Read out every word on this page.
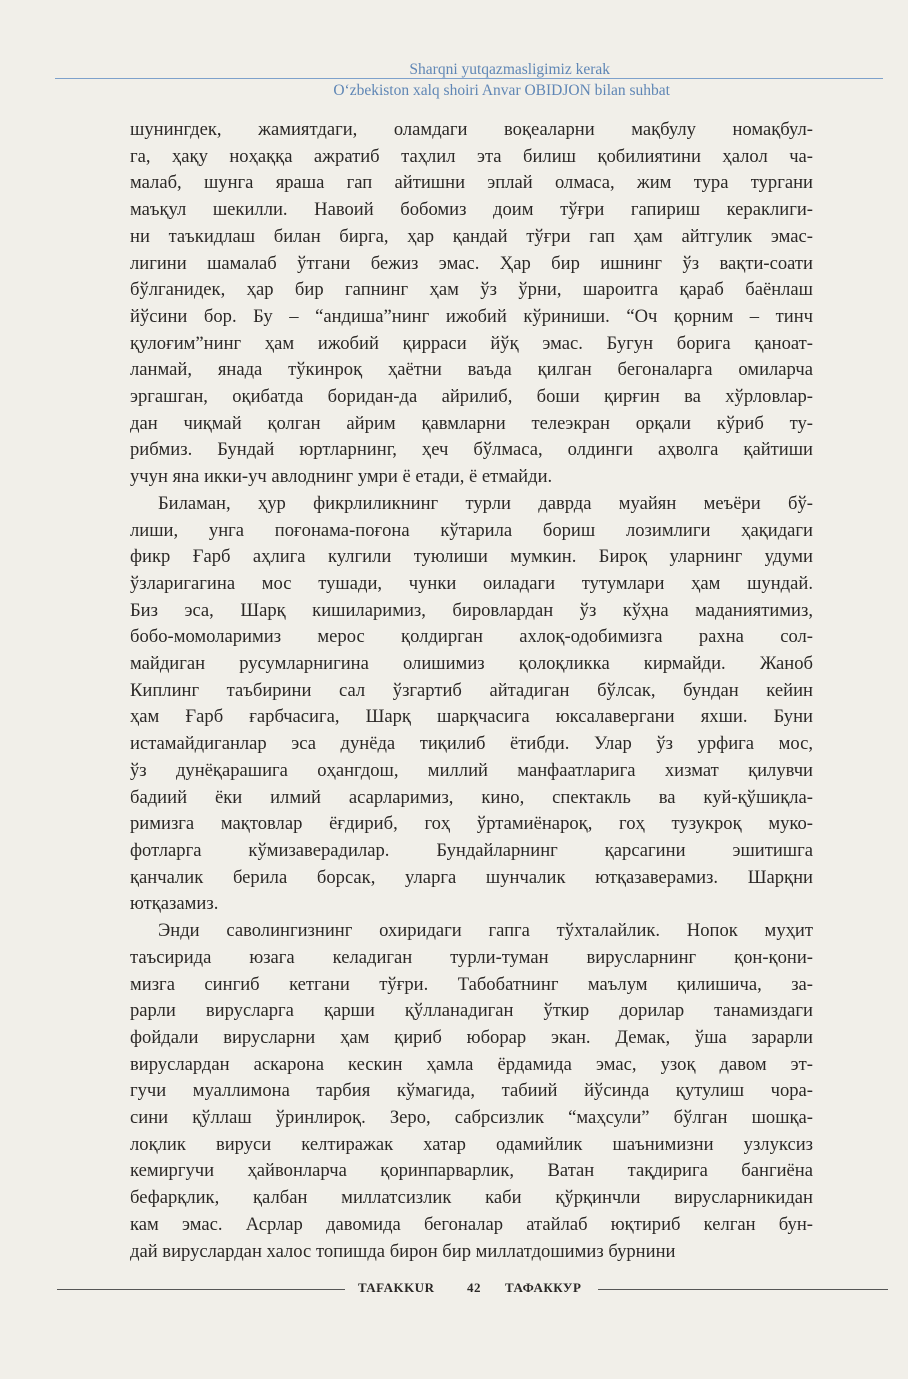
Sharqni yutqazmasligimiz kerak
O‘zbekiston xalq shoiri Anvar OBIDJON bilan suhbat
шунингдек, жамиятдаги, оламдаги воқеаларни мақбулу номақбул-
га, ҳақу ноҳаққа ажратиб таҳлил эта билиш қобилиятини ҳалол ча-
малаб, шунга яраша гап айтишни эплай олмаса, жим тура тургани
маъқул шекилли. Навоий бобомиз доим тўғри гапириш кераклиги-
ни таъкидлаш билан бирга, ҳар қандай тўғри гап ҳам айтгулик эмас-
лигини шамалаб ўтгани бежиз эмас. Ҳар бир ишнинг ўз вақти-соати
бўлганидек, ҳар бир гапнинг ҳам ўз ўрни, шароитга қараб баёнлаш
йўсини бор. Бу – “андиша”нинг ижобий кўриниши. “Оч қорним – тинч
қулоғим”нинг ҳам ижобий қирраси йўқ эмас. Бугун борига қаноат-
ланмай, янада тўкинроқ ҳаётни ваъда қилган бегоналарга омиларча
эргашган, оқибатда боридан-да айрилиб, боши қирғин ва хўрловлар-
дан чиқмай қолган айрим қавмларни телеэкран орқали кўриб ту-
рибмиз. Бундай юртларнинг, ҳеч бўлмаса, олдинги аҳволга қайтиши
учун яна икки-уч авлоднинг умри ё етади, ё етмайди.
Биламан, ҳур фикрлиликнинг турли даврда муайян меъёри бў-
лиши, унга поғонама-поғона кўтарила бориш лозимлиги ҳақидаги
фикр Ғарб аҳлига кулгили туюлиши мумкин. Бироқ уларнинг удуми
ўзларигагина мос тушади, чунки оиладаги тутумлари ҳам шундай.
Биз эса, Шарқ кишиларимиз, бировлардан ўз кўҳна маданиятимиз,
бобо-момоларимиз мерос қолдирган ахлоқ-одобимизга рахна сол-
майдиган русумларнигина олишимиз қолоқликка кирмайди. Жаноб
Киплинг таъбирини сал ўзгартиб айтадиган бўлсак, бундан кейин
ҳам Ғарб ғарбчасига, Шарқ шарқчасига юксалавергани яхши. Буни
истамайдиганлар эса дунёда тиқилиб ётибди. Улар ўз урфига мос,
ўз дунёқарашига оҳангдош, миллий манфаатларига хизмат қилувчи
бадиий ёки илмий асарларимиз, кино, спектакль ва куй-қўшиқла-
римизга мақтовлар ёғдириб, гоҳ ўртамиёнароқ, гоҳ тузукроқ муко-
фотларга кўмизаверадилар. Бундайларнинг қарсагини эшитишга
қанчалик берила борсак, уларга шунчалик ютқазаверамиз. Шарқни
ютқазамиз.
Энди саволингизнинг охиридаги гапга тўхталайлик. Нопок муҳит
таъсирида юзага келадиган турли-туман вирусларнинг қон-қони-
мизга сингиб кетгани тўғри. Табобатнинг маълум қилишича, за-
рарли вирусларга қарши қўлланадиган ўткир дорилар танамиздаги
фойдали вирусларни ҳам қириб юборар экан. Демак, ўша зарарли
вируслардан аскарона кескин ҳамла ёрдамида эмас, узоқ давом эт-
гучи муаллимона тарбия кўмагида, табиий йўсинда қутулиш чора-
сини қўллаш ўринлироқ. Зеро, сабрсизлик “маҳсули” бўлган шошқа-
лоқлик вируси келтиражак хатар одамийлик шаънимизни узлуксиз
кемиргучи ҳайвонларча қоринпарварлик, Ватан тақдирига бангиёна
бефарқлик, қалбан миллатсизлик каби қўрқинчли вирусларникидан
кам эмас. Асрлар давомида бегоналар атайлаб юқтириб келган бун-
дай вируслардан халос топишда бирон бир миллатдошимиз бурнини
TAFAKKUR	42 ТАФАККУР
